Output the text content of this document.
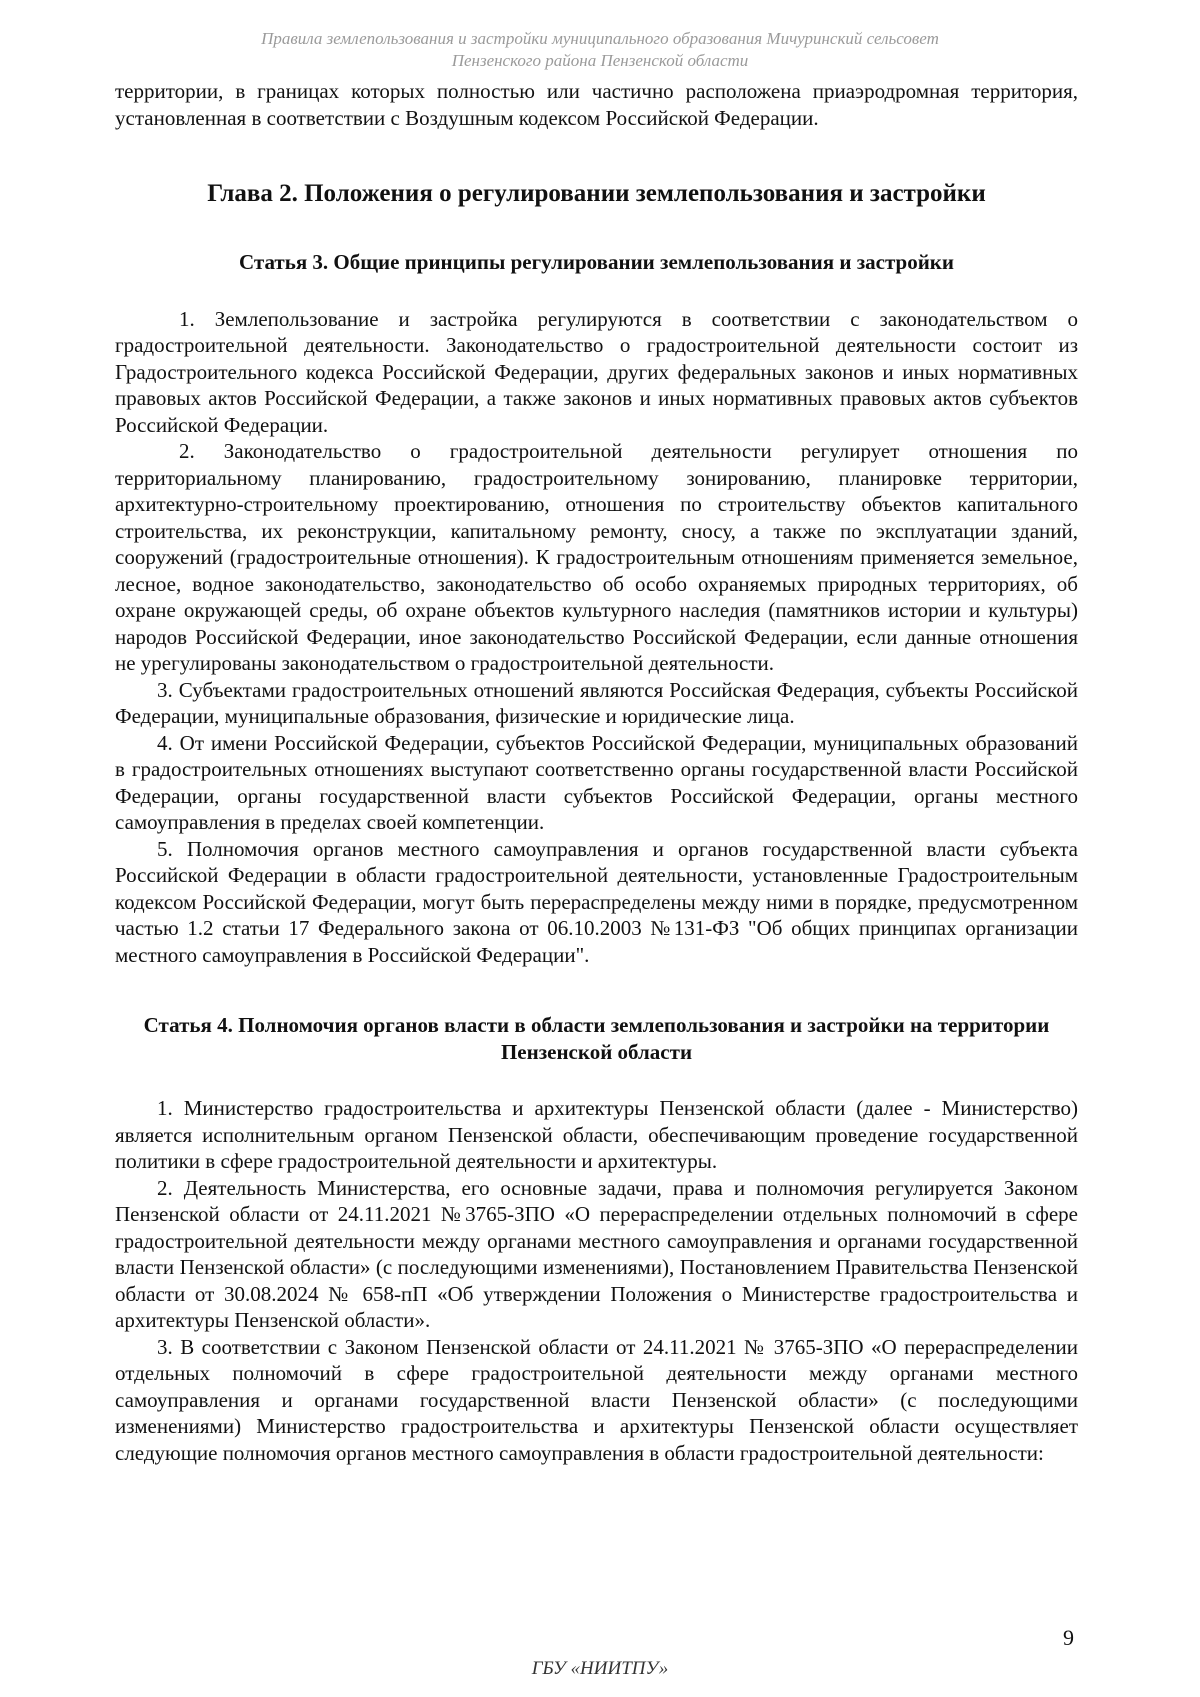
Правила землепользования и застройки муниципального образования Мичуринский сельсовет
Пензенского района Пензенской области

территории, в границах которых полностью или частично расположена приаэродромная территория, установленная в соответствии с Воздушным кодексом Российской Федерации.

Глава 2. Положения о регулировании землепользования и застройки
Статья 3. Общие принципы регулировании землепользования и застройки

1. Землепользование и застройка регулируются в соответствии с законодательством о градостроительной деятельности. Законодательство о градостроительной деятельности состоит из Градостроительного кодекса Российской Федерации, других федеральных законов и иных нормативных правовых актов Российской Федерации, а также законов и иных нормативных правовых актов субъектов Российской Федерации.

2. Законодательство о градостроительной деятельности регулирует отношения по территориальному планированию, градостроительному зонированию, планировке территории, архитектурно-строительному проектированию, отношения по строительству объектов капитального строительства, их реконструкции, капитальному ремонту, сносу, а также по эксплуатации зданий, сооружений (градостроительные отношения). К градостроительным отношениям применяется земельное, лесное, водное законодательство, законодательство об особо охраняемых природных территориях, об охране окружающей среды, об охране объектов культурного наследия (памятников истории и культуры) народов Российской Федерации, иное законодательство Российской Федерации, если данные отношения не урегулированы законодательством о градостроительной деятельности.

3. Субъектами градостроительных отношений являются Российская Федерация, субъекты Российской Федерации, муниципальные образования, физические и юридические лица.

4. От имени Российской Федерации, субъектов Российской Федерации, муниципальных образований в градостроительных отношениях выступают соответственно органы государственной власти Российской Федерации, органы государственной власти субъектов Российской Федерации, органы местного самоуправления в пределах своей компетенции.

5. Полномочия органов местного самоуправления и органов государственной власти субъекта Российской Федерации в области градостроительной деятельности, установленные Градостроительным кодексом Российской Федерации, могут быть перераспределены между ними в порядке, предусмотренном частью 1.2 статьи 17 Федерального закона от 06.10.2003 №131-ФЗ "Об общих принципах организации местного самоуправления в Российской Федерации".

Статья 4. Полномочия органов власти в области землепользования и застройки на территории Пензенской области

1. Министерство градостроительства и архитектуры Пензенской области (далее - Министерство) является исполнительным органом Пензенской области, обеспечивающим проведение государственной политики в сфере градостроительной деятельности и архитектуры.

2. Деятельность Министерства, его основные задачи, права и полномочия регулируется Законом Пензенской области от 24.11.2021 №3765-ЗПО «О перераспределении отдельных полномочий в сфере градостроительной деятельности между органами местного самоуправления и органами государственной власти Пензенской области» (с последующими изменениями), Постановлением Правительства Пензенской области от 30.08.2024 № 658-пП «Об утверждении Положения о Министерстве градостроительства и архитектуры Пензенской области».

3. В соответствии с Законом Пензенской области от 24.11.2021 № 3765-ЗПО «О перераспределении отдельных полномочий в сфере градостроительной деятельности между органами местного самоуправления и органами государственной власти Пензенской области» (с последующими изменениями) Министерство градостроительства и архитектуры Пензенской области осуществляет следующие полномочия органов местного самоуправления в области градостроительной деятельности:

9
ГБУ «НИИТПУ»
